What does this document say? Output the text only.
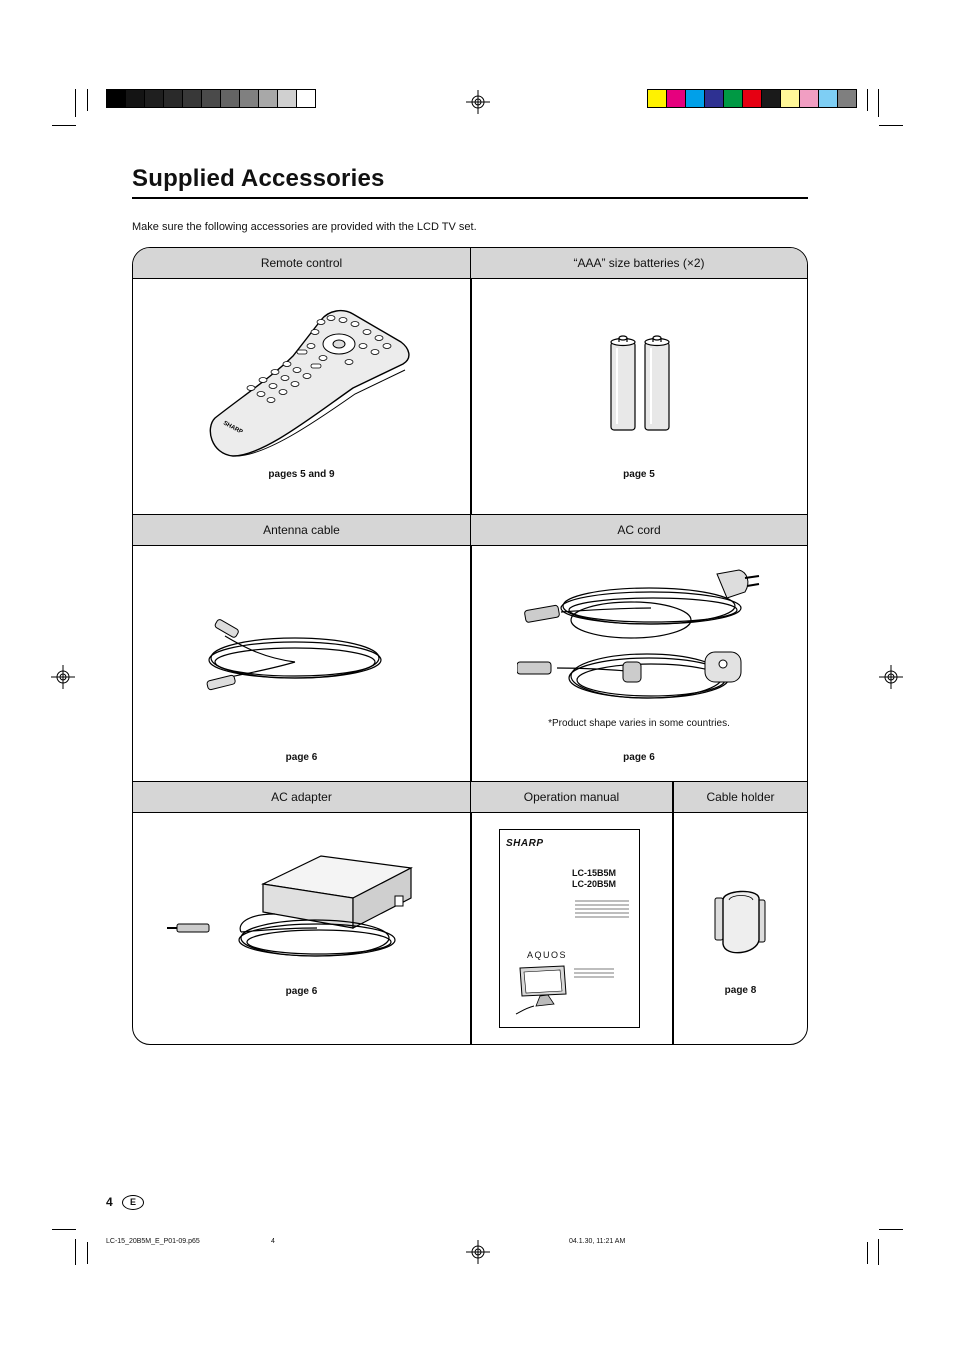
Supplied Accessories
Make sure the following accessories are provided with the LCD TV set.
Remote control	“AAA” size batteries (×2)
SHARP
pages 5 and 9	page 5
Antenna cable	AC cord
page 6
*Product shape varies in some countries.
page 6
AC adapter	Operation manual	Cable holder
page 6
SHARP
LC-15B5M
LC-20B5M
AQUOS
page 8
4	E
LC-15_20B5M_E_P01-09.p65	4	04.1.30, 11:21 AM
